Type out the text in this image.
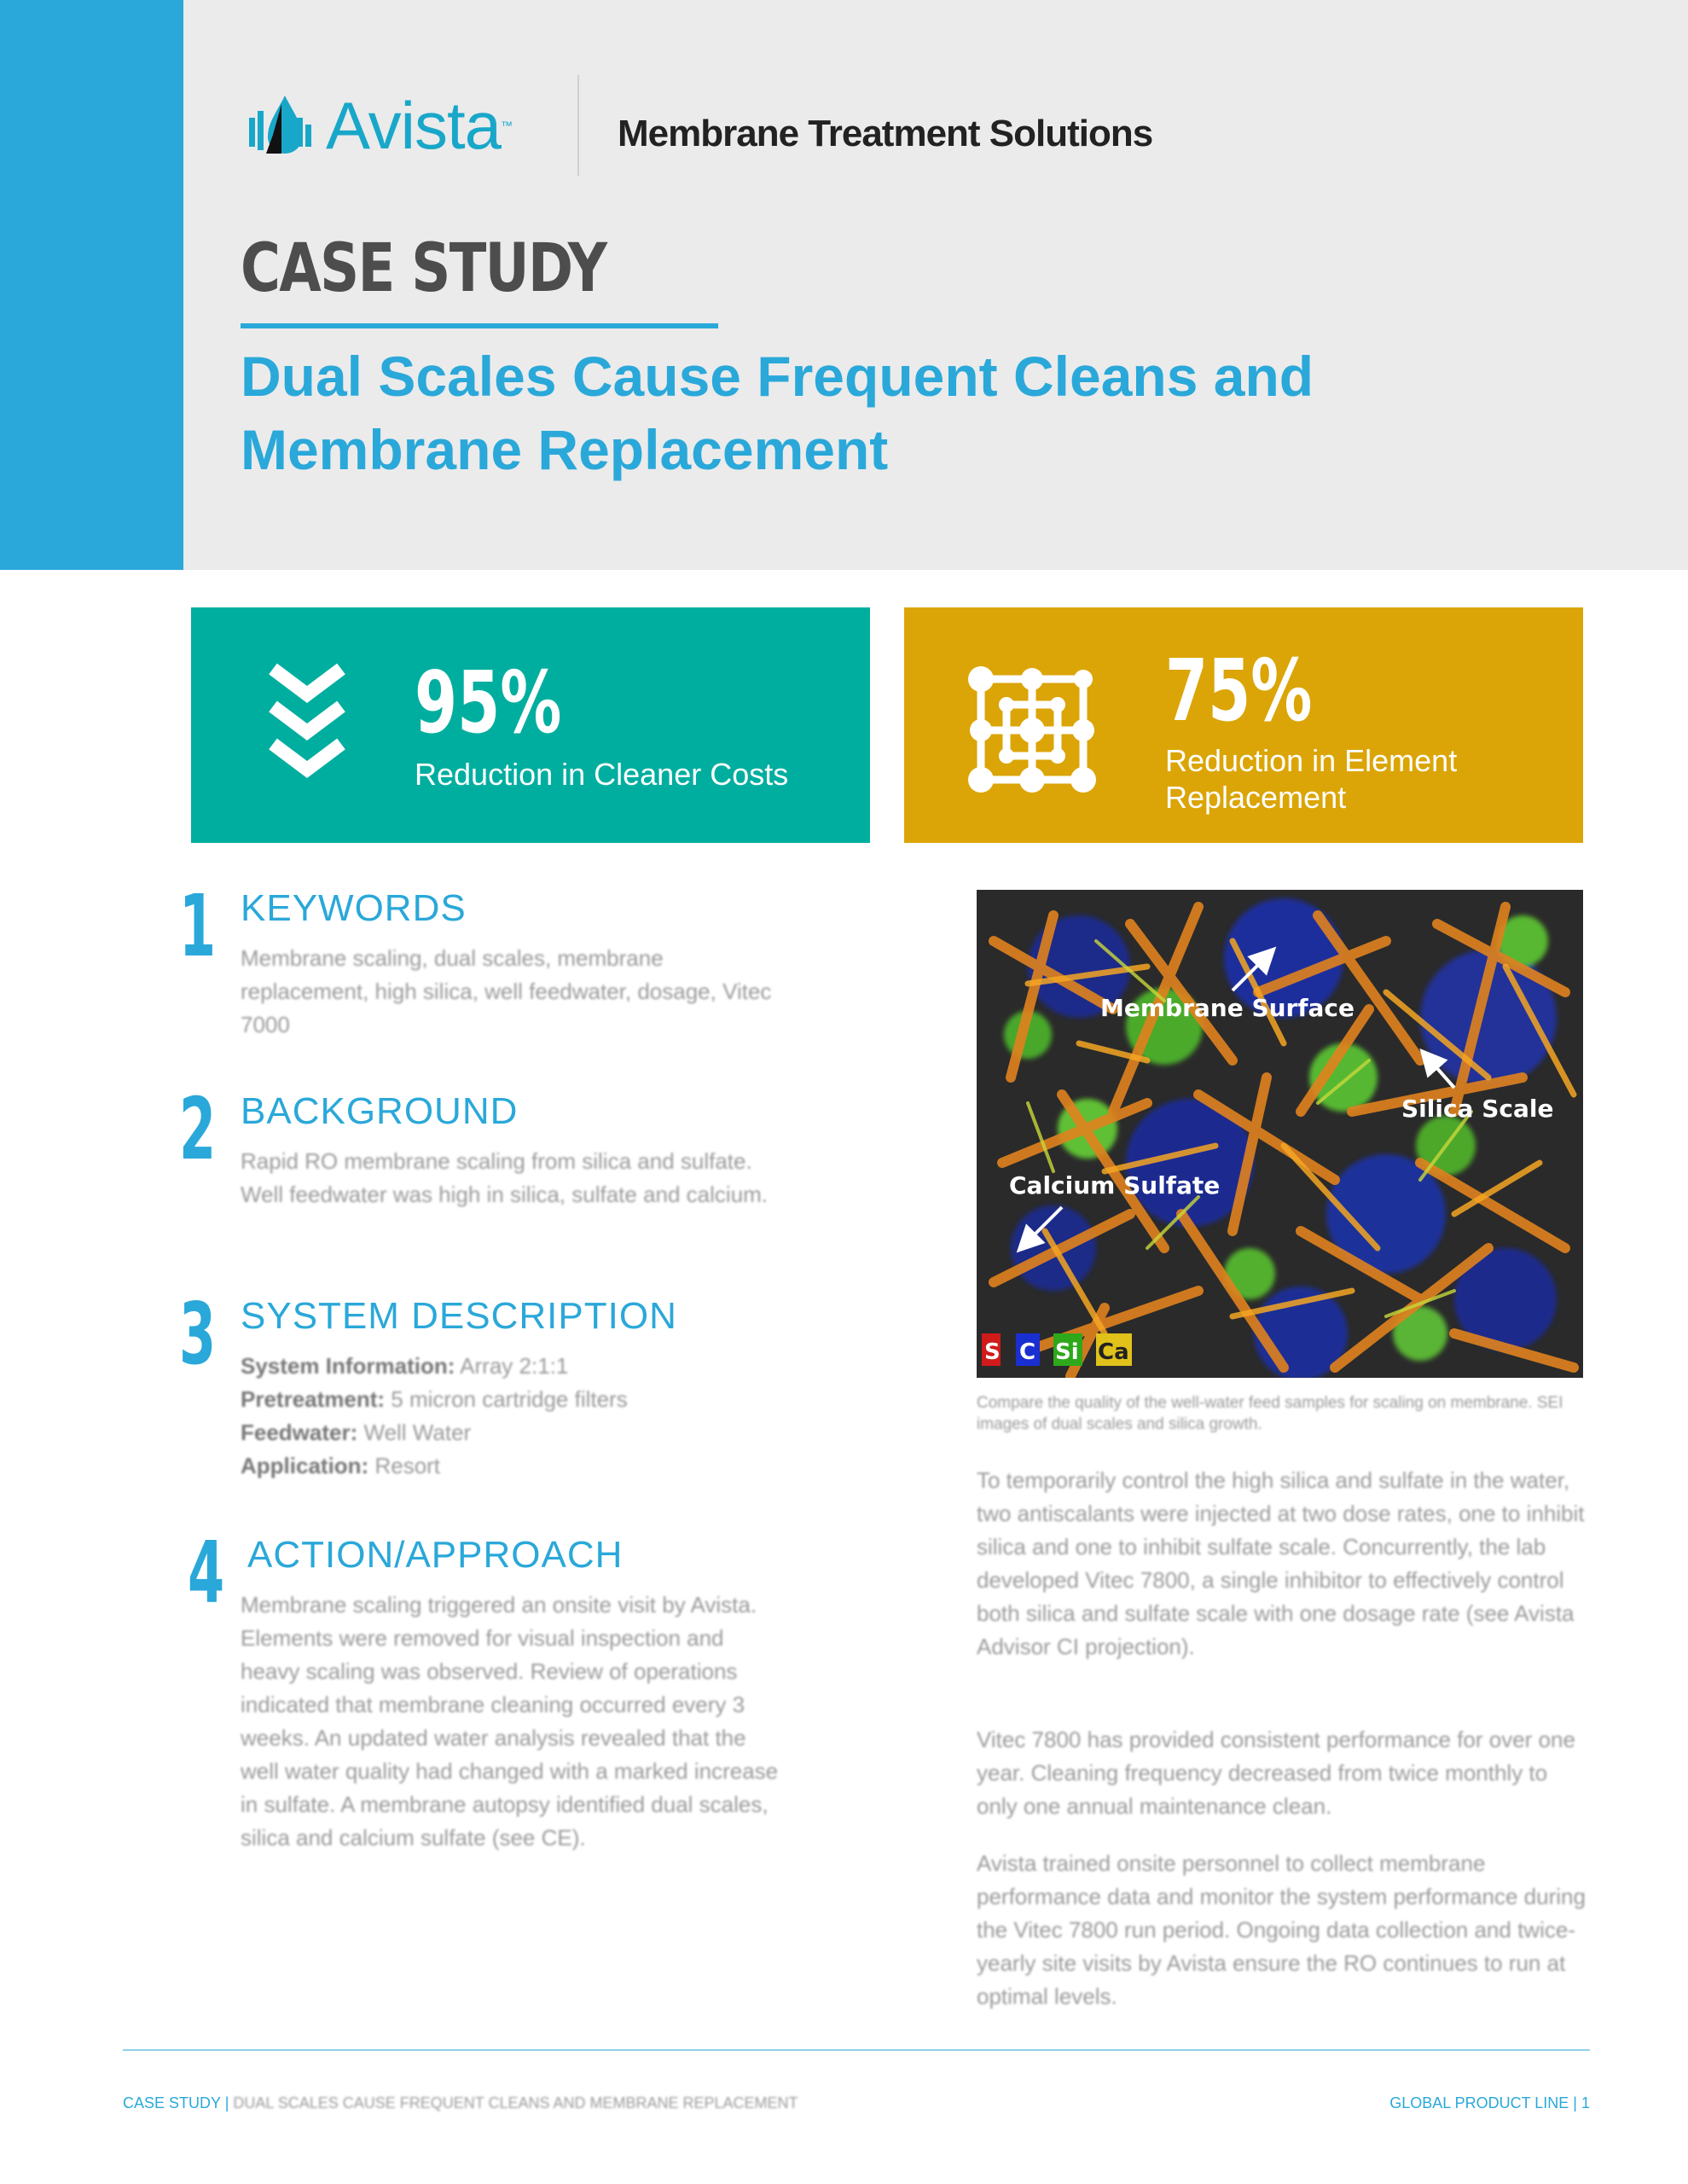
Avista ™	Membrane Treatment Solutions
CASE STUDY
Dual Scales Cause Frequent Cleans and Membrane Replacement
95%
Reduction in Cleaner Costs
75%
Reduction in Element Replacement
1 KEYWORDS
Membrane scaling, dual scales, membrane replacement, high silica, well feedwater, dosage, Vitec 7000
2 BACKGROUND
Rapid RO membrane scaling from silica and sulfate. Well feedwater was high in silica, sulfate and calcium.
3 SYSTEM DESCRIPTION
System Information: Array 2:1:1
Pretreatment: 5 micron cartridge filters
Feedwater: Well Water
Application: Resort
4 ACTION/APPROACH
Membrane scaling triggered an onsite visit by Avista. Elements were removed for visual inspection and heavy scaling was observed. Review of operations indicated that membrane cleaning occurred every 3 weeks. An updated water analysis revealed that the well water quality had changed with a marked increase in sulfate. A membrane autopsy identified dual scales, silica and calcium sulfate (see CE).
Membrane Surface
Silica Scale
Calcium Sulfate
S C Si Ca
Compare the quality of the well-water feed samples for scaling on membrane. SEI images of dual scales and silica growth.
To temporarily control the high silica and sulfate in the water, two antiscalants were injected at two dose rates, one to inhibit silica and one to inhibit sulfate scale. Concurrently, the lab developed Vitec 7800, a single inhibitor to effectively control both silica and sulfate scale with one dosage rate (see Avista Advisor CI projection).
Vitec 7800 has provided consistent performance for over one year. Cleaning frequency decreased from twice monthly to only one annual maintenance clean.
Avista trained onsite personnel to collect membrane performance data and monitor the system performance during the Vitec 7800 run period. Ongoing data collection and twice-yearly site visits by Avista ensure the RO continues to run at optimal levels.
CASE STUDY | DUAL SCALES CAUSE FREQUENT CLEANS AND MEMBRANE REPLACEMENT	GLOBAL PRODUCT LINE | 1
